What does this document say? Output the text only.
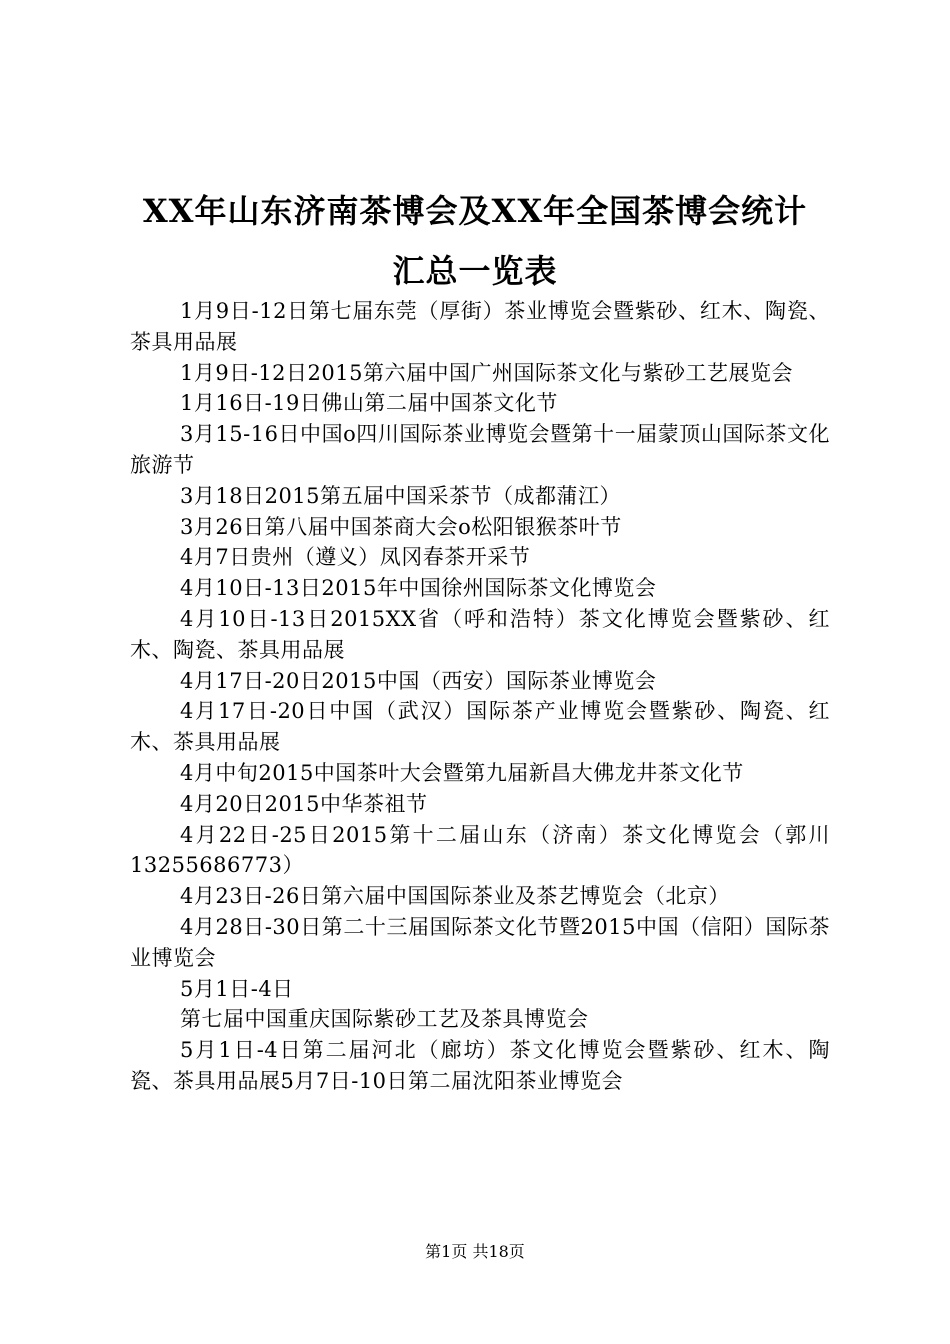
XX年山东济南茶博会及XX年全国茶博会统计
汇总一览表

1月9日-12日第七届东莞（厚街）茶业博览会暨紫砂、红木、陶瓷、茶具用品展

1月9日-12日2015第六届中国广州国际茶文化与紫砂工艺展览会

1月16日-19日佛山第二届中国茶文化节

3月15-16日中国o四川国际茶业博览会暨第十一届蒙顶山国际茶文化旅游节

3月18日2015第五届中国采茶节（成都蒲江）

3月26日第八届中国茶商大会o松阳银猴茶叶节

4月7日贵州（遵义）凤冈春茶开采节

4月10日-13日2015年中国徐州国际茶文化博览会

4月10日-13日2015XX省（呼和浩特）茶文化博览会暨紫砂、红木、陶瓷、茶具用品展

4月17日-20日2015中国（西安）国际茶业博览会

4月17日-20日中国（武汉）国际茶产业博览会暨紫砂、陶瓷、红木、茶具用品展

4月中旬2015中国茶叶大会暨第九届新昌大佛龙井茶文化节

4月20日2015中华茶祖节

4月22日-25日2015第十二届山东（济南）茶文化博览会（郭川13255686773）

4月23日-26日第六届中国国际茶业及茶艺博览会（北京）

4月28日-30日第二十三届国际茶文化节暨2015中国（信阳）国际茶业博览会

5月1日-4日

第七届中国重庆国际紫砂工艺及茶具博览会

5月1日-4日第二届河北（廊坊）茶文化博览会暨紫砂、红木、陶瓷、茶具用品展5月7日-10日第二届沈阳茶业博览会

第1页 共18页
